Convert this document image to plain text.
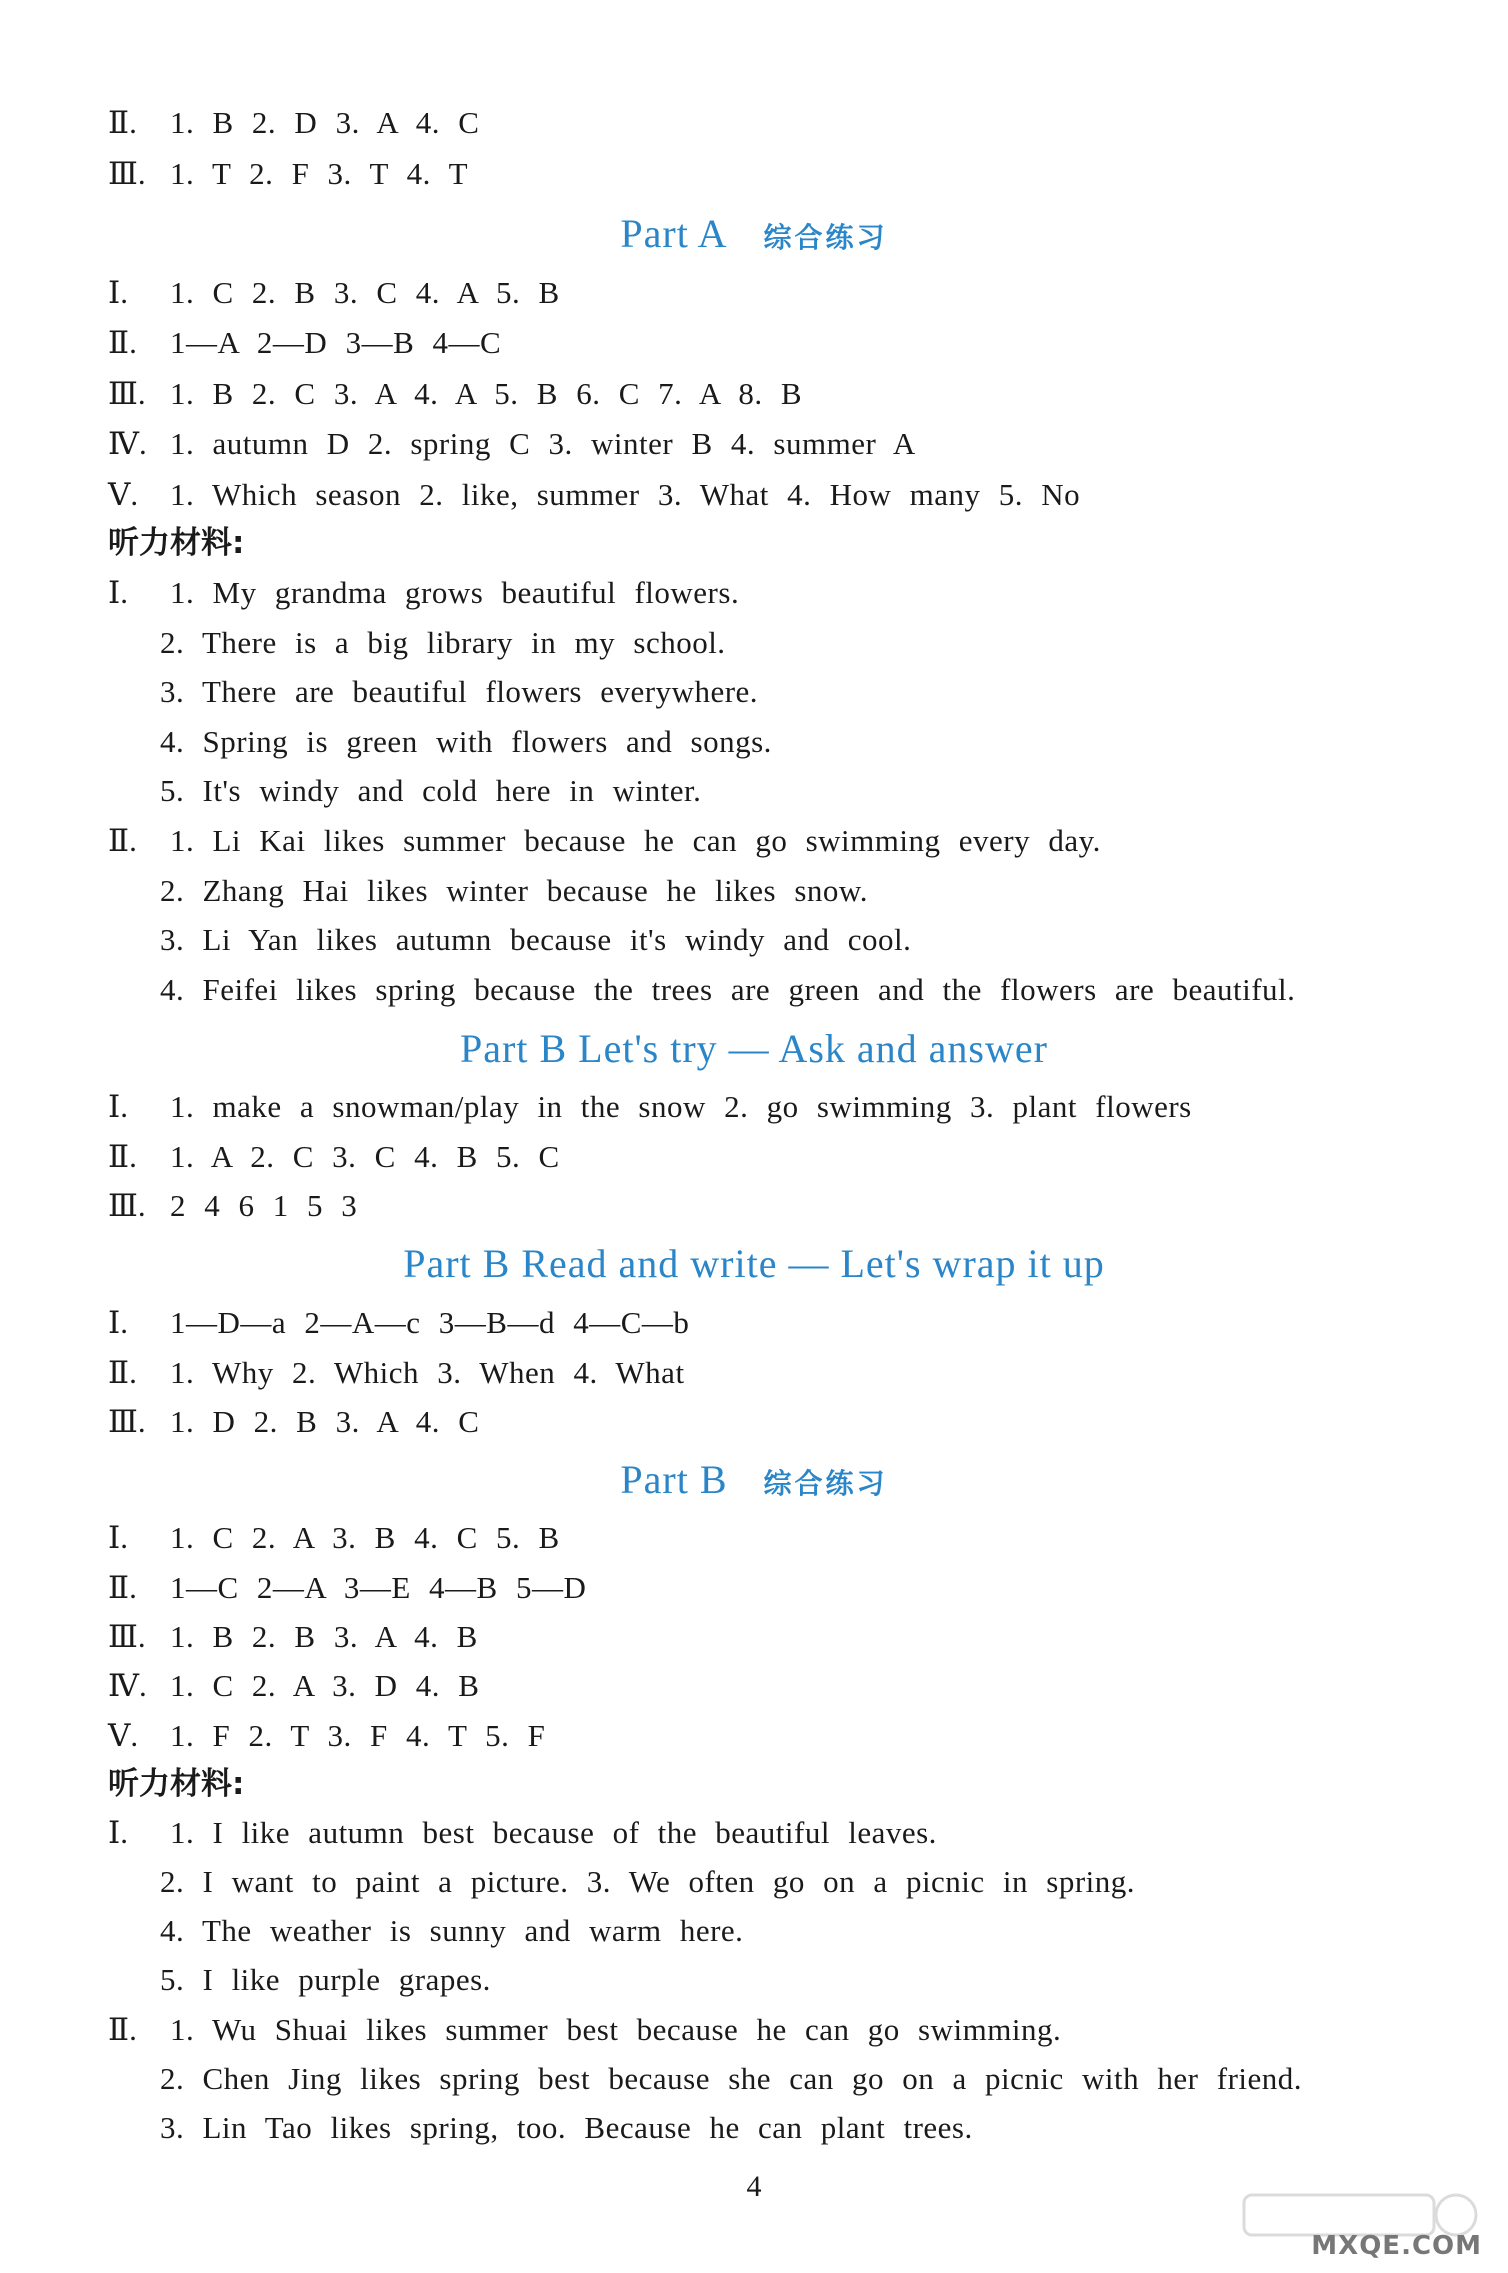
Ⅱ. 1. B 2. D 3. A 4. C
Ⅲ. 1. T 2. F 3. T 4. T
Part A 综合练习
Ⅰ. 1. C 2. B 3. C 4. A 5. B
Ⅱ. 1—A 2—D 3—B 4—C
Ⅲ. 1. B 2. C 3. A 4. A 5. B 6. C 7. A 8. B
Ⅳ. 1. autumn D 2. spring C 3. winter B 4. summer A
Ⅴ. 1. Which season 2. like, summer 3. What 4. How many 5. No
听力材料:
Ⅰ. 1. My grandma grows beautiful flowers.
2. There is a big library in my school.
3. There are beautiful flowers everywhere.
4. Spring is green with flowers and songs.
5. It's windy and cold here in winter.
Ⅱ. 1. Li Kai likes summer because he can go swimming every day.
2. Zhang Hai likes winter because he likes snow.
3. Li Yan likes autumn because it's windy and cool.
4. Feifei likes spring because the trees are green and the flowers are beautiful.
Part B Let's try — Ask and answer
Ⅰ. 1. make a snowman/play in the snow 2. go swimming 3. plant flowers
Ⅱ. 1. A 2. C 3. C 4. B 5. C
Ⅲ. 2 4 6 1 5 3
Part B Read and write — Let's wrap it up
Ⅰ. 1—D—a 2—A—c 3—B—d 4—C—b
Ⅱ. 1. Why 2. Which 3. When 4. What
Ⅲ. 1. D 2. B 3. A 4. C
Part B 综合练习
Ⅰ. 1. C 2. A 3. B 4. C 5. B
Ⅱ. 1—C 2—A 3—E 4—B 5—D
Ⅲ. 1. B 2. B 3. A 4. B
Ⅳ. 1. C 2. A 3. D 4. B
Ⅴ. 1. F 2. T 3. F 4. T 5. F
听力材料:
Ⅰ. 1. I like autumn best because of the beautiful leaves.
2. I want to paint a picture. 3. We often go on a picnic in spring.
4. The weather is sunny and warm here.
5. I like purple grapes.
Ⅱ. 1. Wu Shuai likes summer best because he can go swimming.
2. Chen Jing likes spring best because she can go on a picnic with her friend.
3. Lin Tao likes spring, too. Because he can plant trees.
4
MXQE.COM
